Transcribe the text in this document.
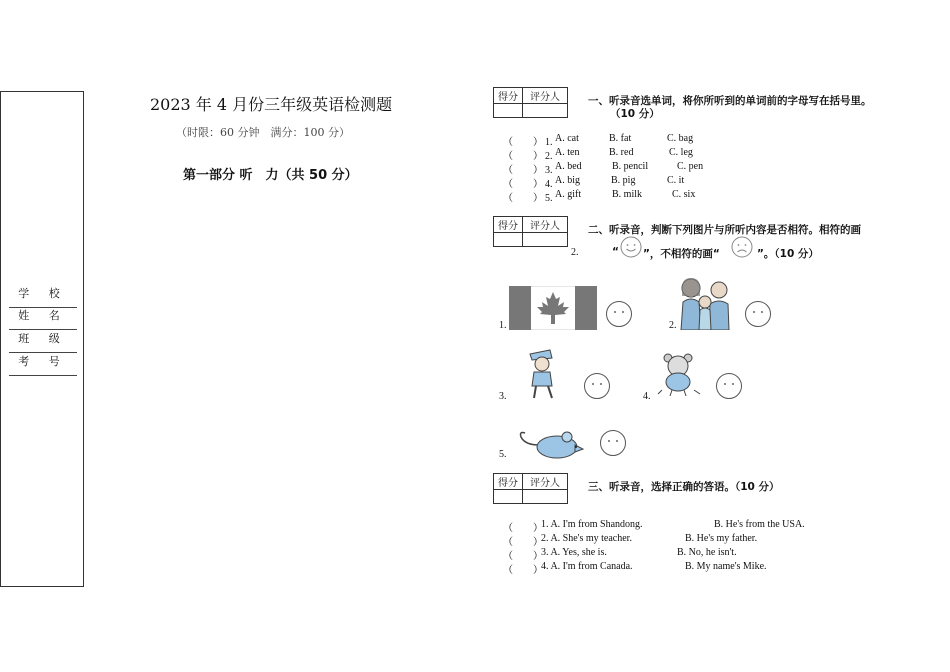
学 校
姓 名
班 级
考 号
2023 年 4 月份三年级英语检测题
（时限：60 分钟　满分：100 分）
第一部分 听　力（共 50 分）
得分	评分人
		一、听录音选单词，将你所听到的单词前的字母写在括号里。
（10 分）
（　　） 1. A. cat	B. fat	C. bag
（　　） 2. A. ten	B. red	C. leg
（　　） 3. A. bed	B. pencil	C. pen
（　　） 4. A. big	B. pig	C. it
（　　） 5. A. gift	B. milk	C. six
得分	评分人
		二、听录音，判断下列图片与所听内容是否相符。相符的画
2.	“ ”，不相符的画“	”。（10 分）
1.	2.
3.	4.
5.
得分	评分人
		三、听录音，选择正确的答语。（10 分）
（　　）
1. A. I'm from Shandong.	B. He's from the USA.
（　　）
2. A. She's my teacher.	B. He's my father.
（　　）
3. A. Yes, she is.	B. No, he isn't.
（　　）
4. A. I'm from Canada.	B. My name's Mike.
